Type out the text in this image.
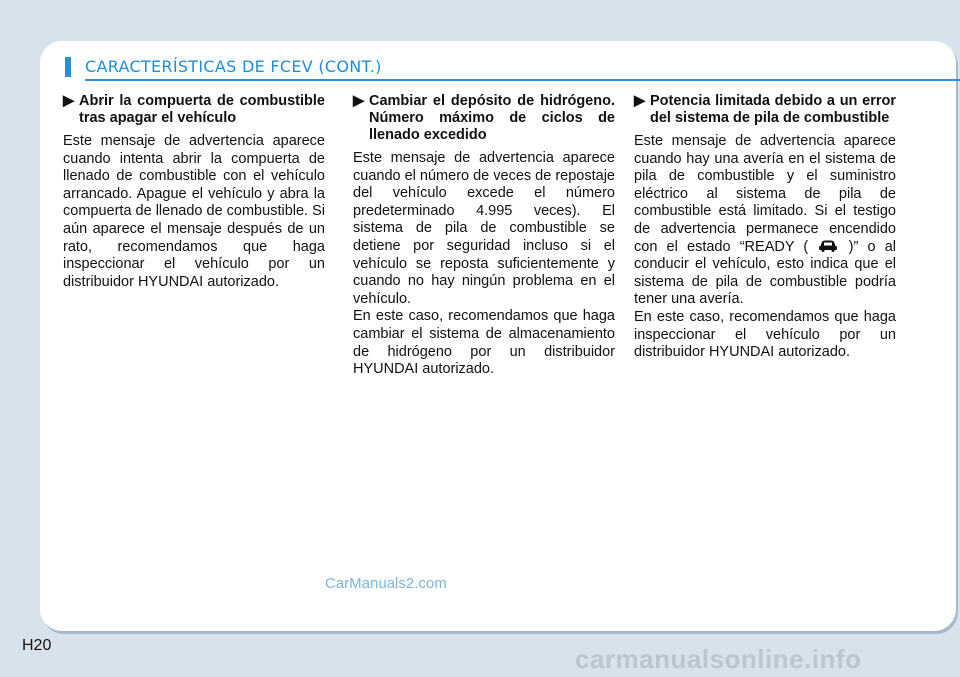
CARACTERÍSTICAS DE FCEV (CONT.)
▶ Abrir la compuerta de combustible tras apagar el vehículo

Este mensaje de advertencia aparece cuando intenta abrir la compuerta de llenado de combustible con el vehículo arrancado. Apague el vehículo y abra la compuerta de llenado de combustible. Si aún aparece el mensaje después de un rato, recomendamos que haga inspeccionar el vehículo por un distribuidor HYUNDAI autorizado.

▶ Cambiar el depósito de hidrógeno. Número máximo de ciclos de llenado excedido

Este mensaje de advertencia aparece cuando el número de veces de repostaje del vehículo excede el número predeterminado 4.995 veces). El sistema de pila de combustible se detiene por seguridad incluso si el vehículo se reposta suficientemente y cuando no hay ningún problema en el vehículo.

En este caso, recomendamos que haga cambiar el sistema de almacenamiento de hidrógeno por un distribuidor HYUNDAI autorizado.

▶ Potencia limitada debido a un error del sistema de pila de combustible

Este mensaje de advertencia aparece cuando hay una avería en el sistema de pila de combustible y el suministro eléctrico al sistema de pila de combustible está limitado. Si el testigo de advertencia permanece encendido con el estado “READY (	)” o al conducir el vehículo, esto indica que el sistema de pila de combustible podría tener una avería.

En este caso, recomendamos que haga inspeccionar el vehículo por un distribuidor HYUNDAI autorizado.

CarManuals2.com
H20	carmanualsonline.info
